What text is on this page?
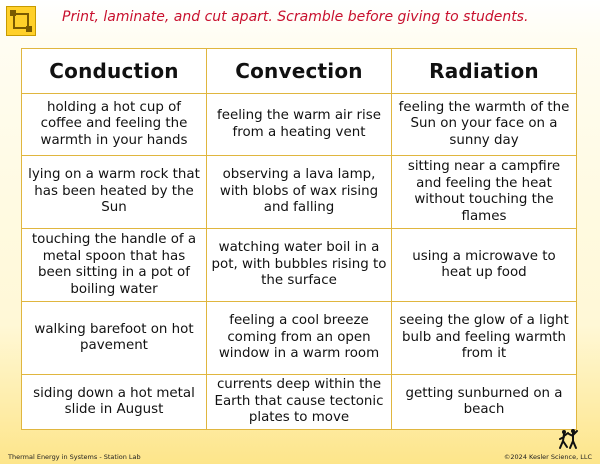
Print, laminate, and cut apart. Scramble before giving to students.
Conduction	Convection	Radiation
holding a hot cup of coffee and feeling the warmth in your hands	feeling the warm air rise from a heating vent	feeling the warmth of the Sun on your face on a sunny day
lying on a warm rock that has been heated by the Sun	observing a lava lamp, with blobs of wax rising and falling	sitting near a campfire and feeling the heat without touching the flames
touching the handle of a metal spoon that has been sitting in a pot of boiling water	watching water boil in a pot, with bubbles rising to the surface	using a microwave to heat up food
walking barefoot on hot pavement	feeling a cool breeze coming from an open window in a warm room	seeing the glow of a light bulb and feeling warmth from it
siding down a hot metal slide in August	currents deep within the Earth that cause tectonic plates to move	getting sunburned on a beach
Thermal Energy in Systems - Station Lab	©2024 Kesler Science, LLC
